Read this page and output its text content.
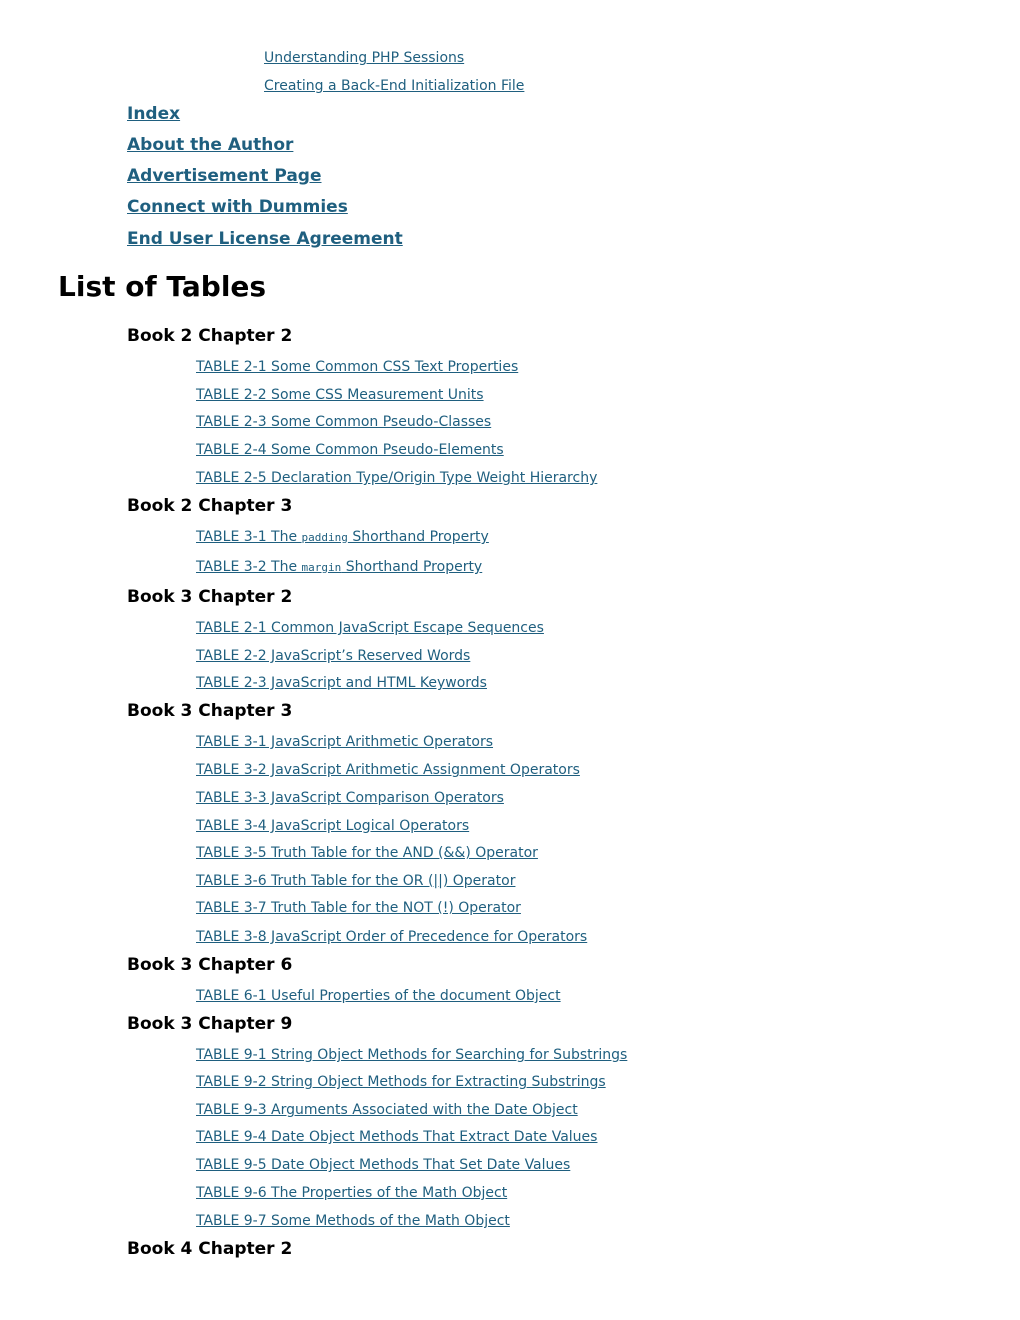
Understanding PHP Sessions
Creating a Back-End Initialization File
Index
About the Author
Advertisement Page
Connect with Dummies
End User License Agreement
List of Tables
Book 2 Chapter 2
TABLE 2-1 Some Common CSS Text Properties
TABLE 2-2 Some CSS Measurement Units
TABLE 2-3 Some Common Pseudo-Classes
TABLE 2-4 Some Common Pseudo-Elements
TABLE 2-5 Declaration Type/Origin Type Weight Hierarchy
Book 2 Chapter 3
TABLE 3-1 The padding Shorthand Property
TABLE 3-2 The margin Shorthand Property
Book 3 Chapter 2
TABLE 2-1 Common JavaScript Escape Sequences
TABLE 2-2 JavaScript’s Reserved Words
TABLE 2-3 JavaScript and HTML Keywords
Book 3 Chapter 3
TABLE 3-1 JavaScript Arithmetic Operators
TABLE 3-2 JavaScript Arithmetic Assignment Operators
TABLE 3-3 JavaScript Comparison Operators
TABLE 3-4 JavaScript Logical Operators
TABLE 3-5 Truth Table for the AND (&&) Operator
TABLE 3-6 Truth Table for the OR (||) Operator
TABLE 3-7 Truth Table for the NOT (!) Operator
TABLE 3-8 JavaScript Order of Precedence for Operators
Book 3 Chapter 6
TABLE 6-1 Useful Properties of the document Object
Book 3 Chapter 9
TABLE 9-1 String Object Methods for Searching for Substrings
TABLE 9-2 String Object Methods for Extracting Substrings
TABLE 9-3 Arguments Associated with the Date Object
TABLE 9-4 Date Object Methods That Extract Date Values
TABLE 9-5 Date Object Methods That Set Date Values
TABLE 9-6 The Properties of the Math Object
TABLE 9-7 Some Methods of the Math Object
Book 4 Chapter 2
